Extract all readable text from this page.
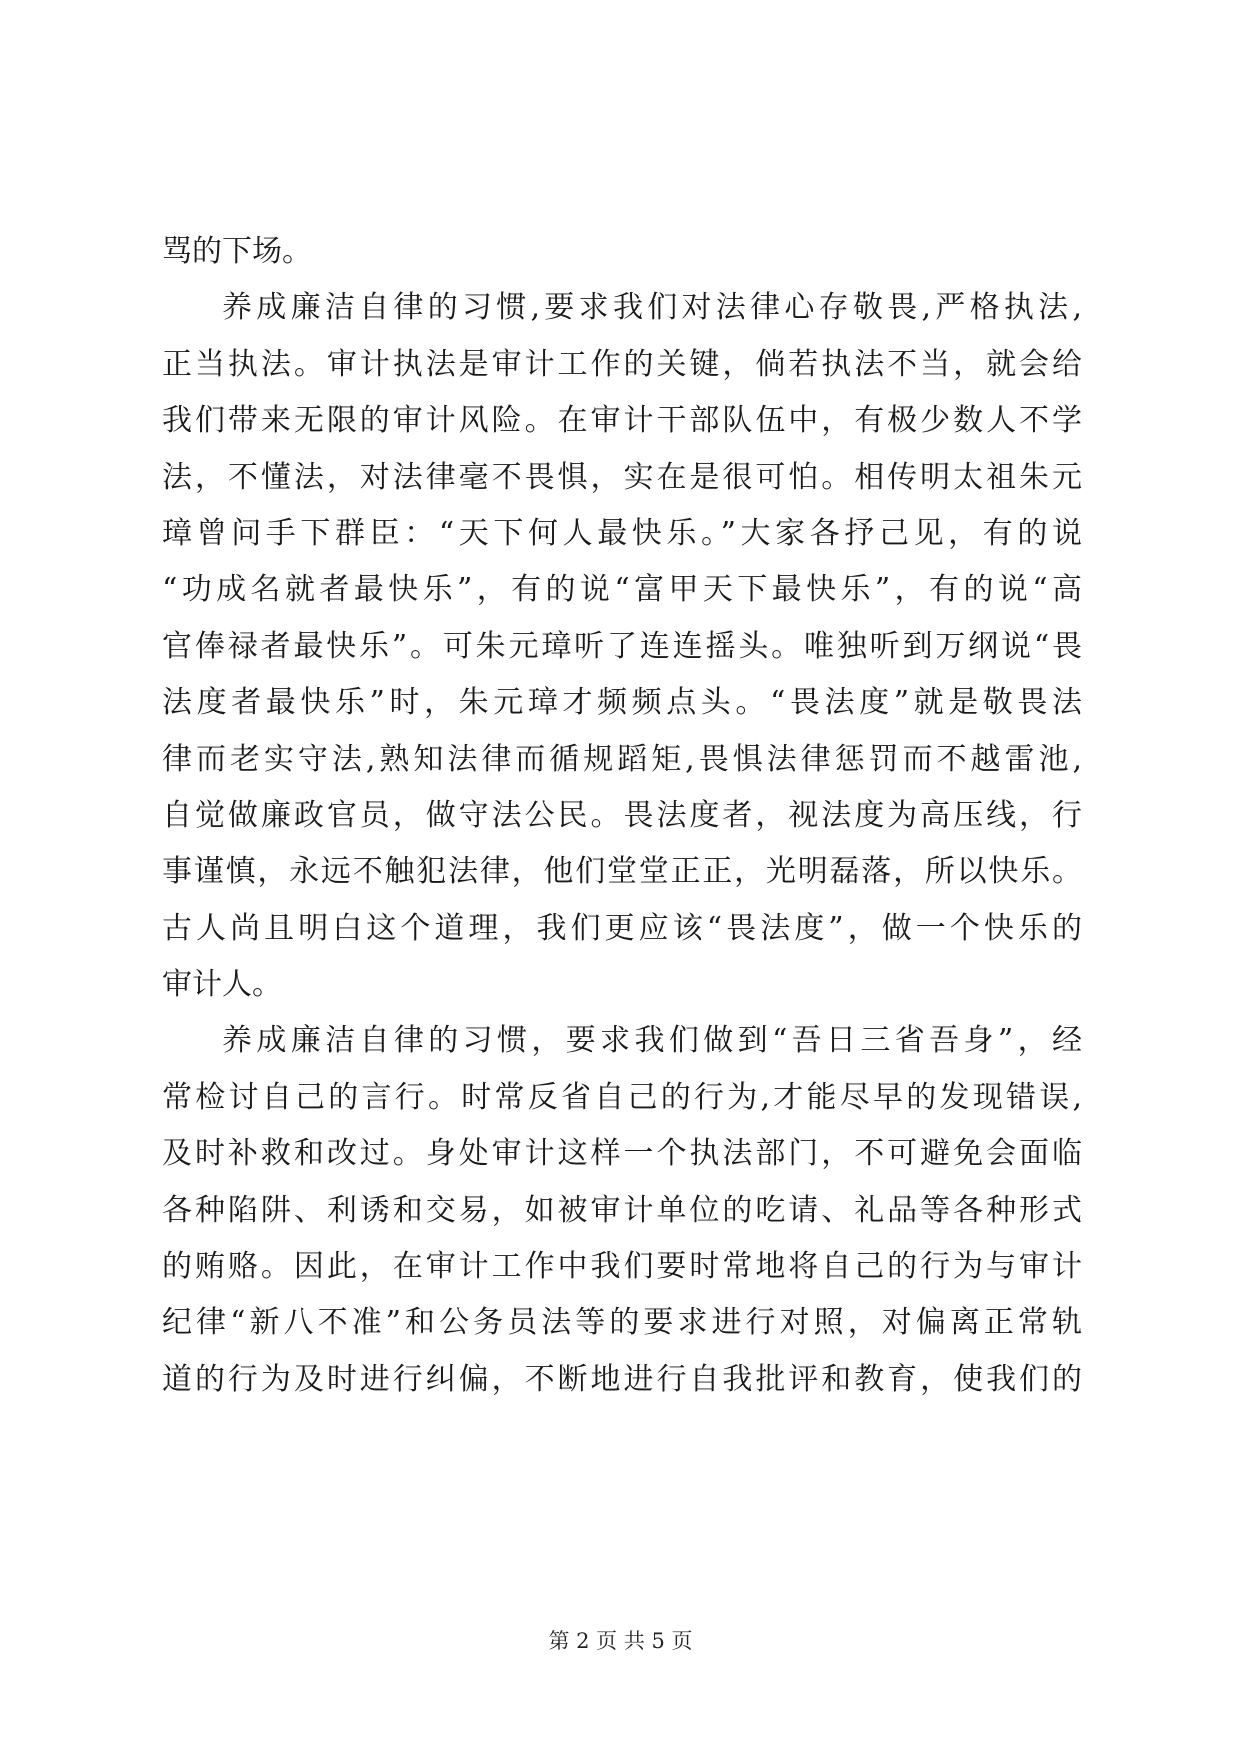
骂的下场。
养成廉洁自律的习惯,要求我们对法律心存敬畏,严格执法,
正当执法。审计执法是审计工作的关键，倘若执法不当，就会给
我们带来无限的审计风险。在审计干部队伍中，有极少数人不学
法，不懂法，对法律毫不畏惧，实在是很可怕。相传明太祖朱元
璋曾问手下群臣：“天下何人最快乐。”大家各抒己见，有的说
“功成名就者最快乐”，有的说“富甲天下最快乐”，有的说“高
官俸禄者最快乐”。可朱元璋听了连连摇头。唯独听到万纲说“畏
法度者最快乐”时，朱元璋才频频点头。“畏法度”就是敬畏法
律而老实守法,熟知法律而循规蹈矩,畏惧法律惩罚而不越雷池,
自觉做廉政官员，做守法公民。畏法度者，视法度为高压线，行
事谨慎，永远不触犯法律，他们堂堂正正，光明磊落，所以快乐。
古人尚且明白这个道理，我们更应该“畏法度”，做一个快乐的
审计人。
养成廉洁自律的习惯，要求我们做到“吾日三省吾身”，经
常检讨自己的言行。时常反省自己的行为,才能尽早的发现错误,
及时补救和改过。身处审计这样一个执法部门，不可避免会面临
各种陷阱、利诱和交易，如被审计单位的吃请、礼品等各种形式
的贿赂。因此，在审计工作中我们要时常地将自己的行为与审计
纪律“新八不准”和公务员法等的要求进行对照，对偏离正常轨
道的行为及时进行纠偏，不断地进行自我批评和教育，使我们的
第 2 页 共 5 页
